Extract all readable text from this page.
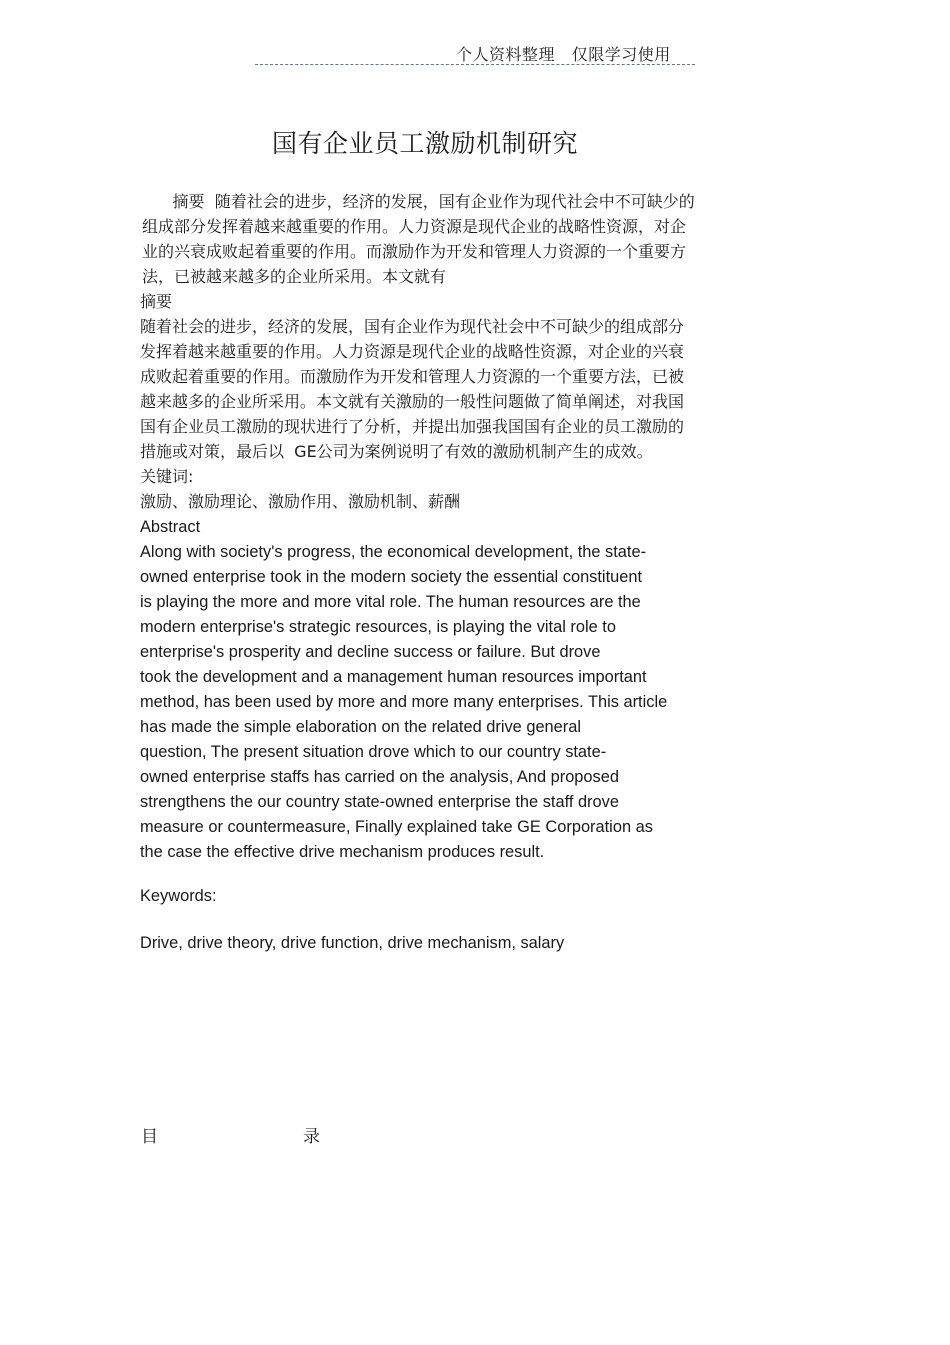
个人资料整理   仅限学习使用
国有企业员工激励机制研究
摘要  随着社会的进步，经济的发展，国有企业作为现代社会中不可缺少的
组成部分发挥着越来越重要的作用。人力资源是现代企业的战略性资源，对企
业的兴衰成败起着重要的作用。而激励作为开发和管理人力资源的一个重要方
法，已被越来越多的企业所采用。本文就有
摘要
随着社会的进步，经济的发展，国有企业作为现代社会中不可缺少的组成部分
发挥着越来越重要的作用。人力资源是现代企业的战略性资源，对企业的兴衰
成败起着重要的作用。而激励作为开发和管理人力资源的一个重要方法，已被
越来越多的企业所采用。本文就有关激励的一般性问题做了简单阐述，对我国
国有企业员工激励的现状进行了分析，并提出加强我国国有企业的员工激励的
措施或对策，最后以  GE公司为案例说明了有效的激励机制产生的成效。
关键词:
激励、激励理论、激励作用、激励机制、薪酬
Abstract
Along with society's progress, the economical development, the state-
owned enterprise took in the modern society the essential constituent
is playing the more and more vital role. The human resources are the
modern enterprise's strategic resources, is playing the vital role to
enterprise's prosperity and decline success or failure. But drove
took the development and a management human resources important
method, has been used by more and more many enterprises. This article
has made the simple elaboration on the related drive general
question, The present situation drove which to our country state-
owned enterprise staffs has carried on the analysis, And proposed
strengthens the our country state-owned enterprise the staff drove
measure or countermeasure, Finally explained take GE Corporation as
the case the effective drive mechanism produces result.
Keywords:
Drive, drive theory, drive function, drive mechanism, salary
目	录
